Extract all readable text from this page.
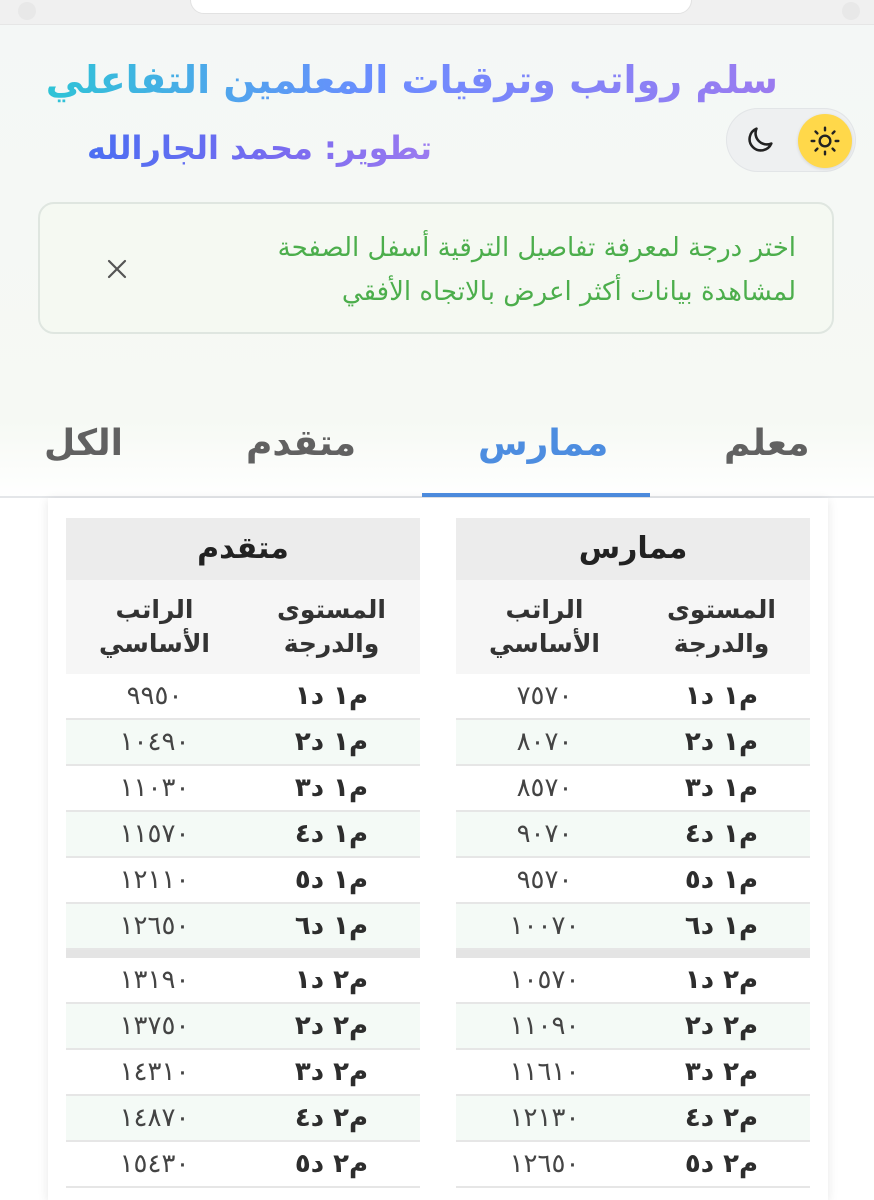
سلم رواتب وترقيات المعلمين التفاعلي
تطوير: محمد الجارالله
اختر درجة لمعرفة تفاصيل الترقية أسفل الصفحة
لمشاهدة بيانات أكثر اعرض بالاتجاه الأفقي
معلم
ممارس
متقدم
الكل
ممارس
المستوى والدرجة
الراتب الأساسي
م١ د١
٧٥٧٠
م١ د٢
٨٠٧٠
م١ د٣
٨٥٧٠
م١ د٤
٩٠٧٠
م١ د٥
٩٥٧٠
م١ د٦
١٠٠٧٠
م٢ د١
١٠٥٧٠
م٢ د٢
١١٠٩٠
م٢ د٣
١١٦١٠
م٢ د٤
١٢١٣٠
م٢ د٥
١٢٦٥٠
متقدم
المستوى والدرجة
الراتب الأساسي
م١ د١
٩٩٥٠
م١ د٢
١٠٤٩٠
م١ د٣
١١٠٣٠
م١ د٤
١١٥٧٠
م١ د٥
١٢١١٠
م١ د٦
١٢٦٥٠
م٢ د١
١٣١٩٠
م٢ د٢
١٣٧٥٠
م٢ د٣
١٤٣١٠
م٢ د٤
١٤٨٧٠
م٢ د٥
١٥٤٣٠
